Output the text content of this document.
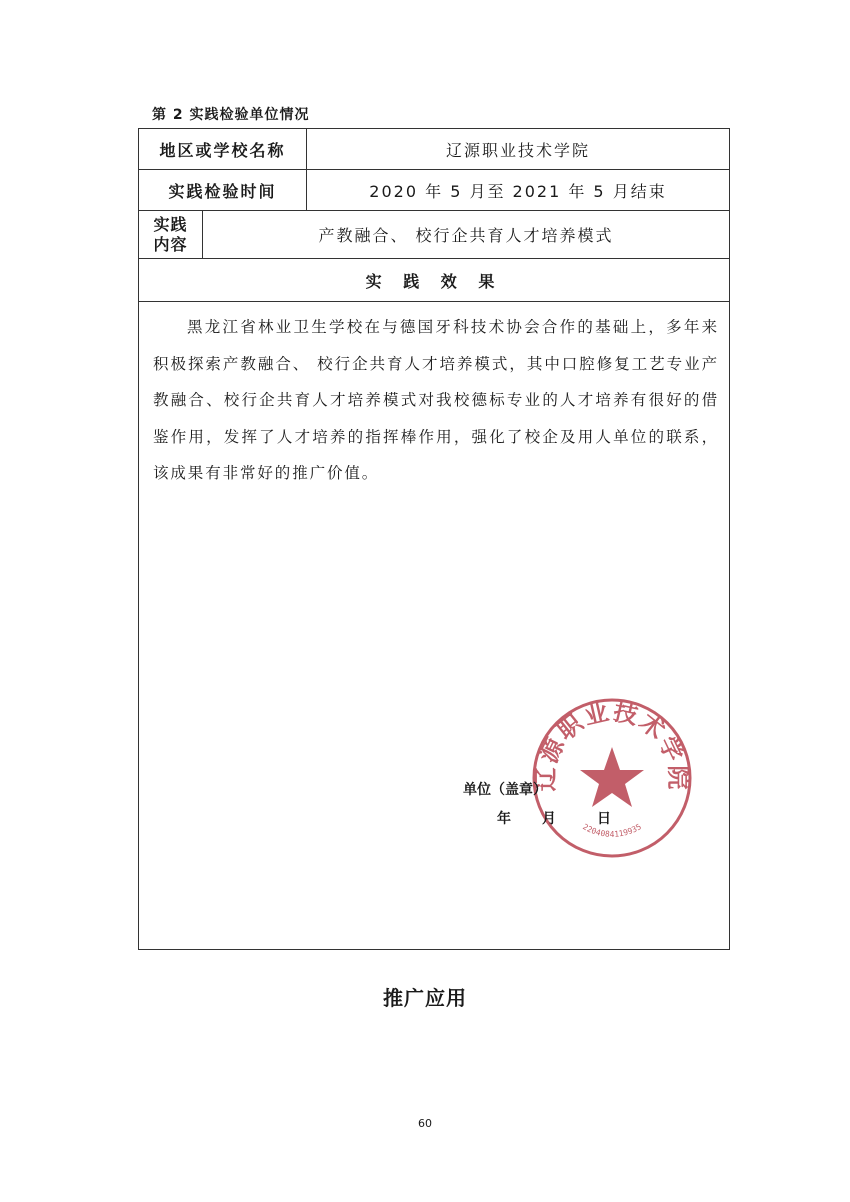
第 2 实践检验单位情况
地区或学校名称	辽源职业技术学院
实践检验时间	2020 年 5 月至 2021 年 5 月结束
实践
内容	产教融合、 校行企共育人才培养模式
实 践 效 果
黑龙江省林业卫生学校在与德国牙科技术协会合作的基础上，多年来积极探索产教融合、 校行企共育人才培养模式，其中口腔修复工艺专业产教融合、校行企共育人才培养模式对我校德标专业的人才培养有很好的借鉴作用，发挥了人才培养的指挥棒作用，强化了校企及用人单位的联系，该成果有非常好的推广价值。
辽源职业技术学院
2204084119935
单位（盖章）
年 月	日
推广应用
60
